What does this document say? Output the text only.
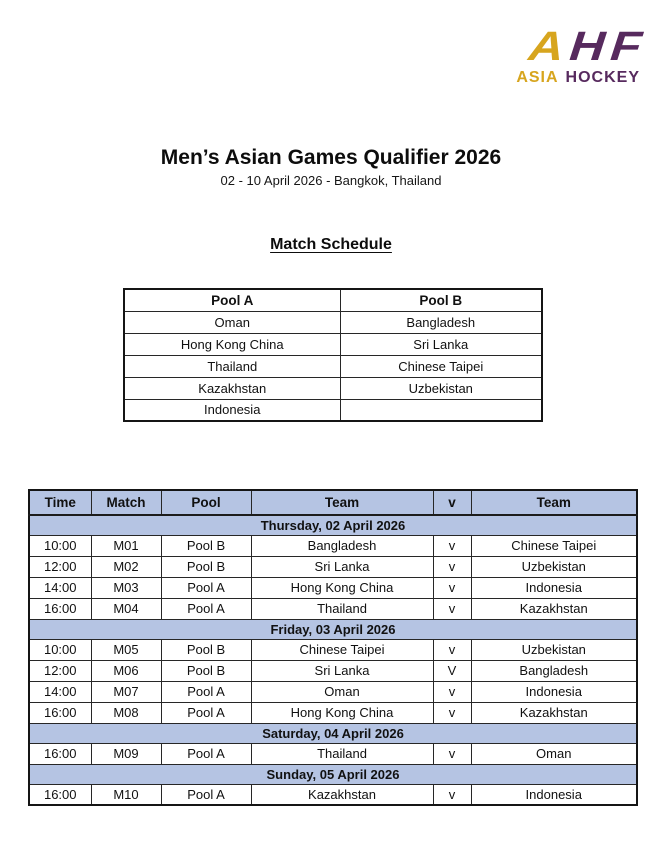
AHF
ASIA HOCKEY
Men’s Asian Games Qualifier 2026
02 - 10 April 2026 - Bangkok, Thailand
Match Schedule
Pool A	Pool B
Oman	Bangladesh
Hong Kong China	Sri Lanka
Thailand	Chinese Taipei
Kazakhstan	Uzbekistan
Indonesia	
Time	Match	Pool	Team	v	Team
Thursday, 02 April 2026					
10:00	M01	Pool B	Bangladesh	v	Chinese Taipei
12:00	M02	Pool B	Sri Lanka	v	Uzbekistan
14:00	M03	Pool A	Hong Kong China	v	Indonesia
16:00	M04	Pool A	Thailand	v	Kazakhstan
Friday, 03 April 2026					
10:00	M05	Pool B	Chinese Taipei	v	Uzbekistan
12:00	M06	Pool B	Sri Lanka	V	Bangladesh
14:00	M07	Pool A	Oman	v	Indonesia
16:00	M08	Pool A	Hong Kong China	v	Kazakhstan
Saturday, 04 April 2026					
16:00	M09	Pool A	Thailand	v	Oman
Sunday, 05 April 2026					
16:00	M10	Pool A	Kazakhstan	v	Indonesia
